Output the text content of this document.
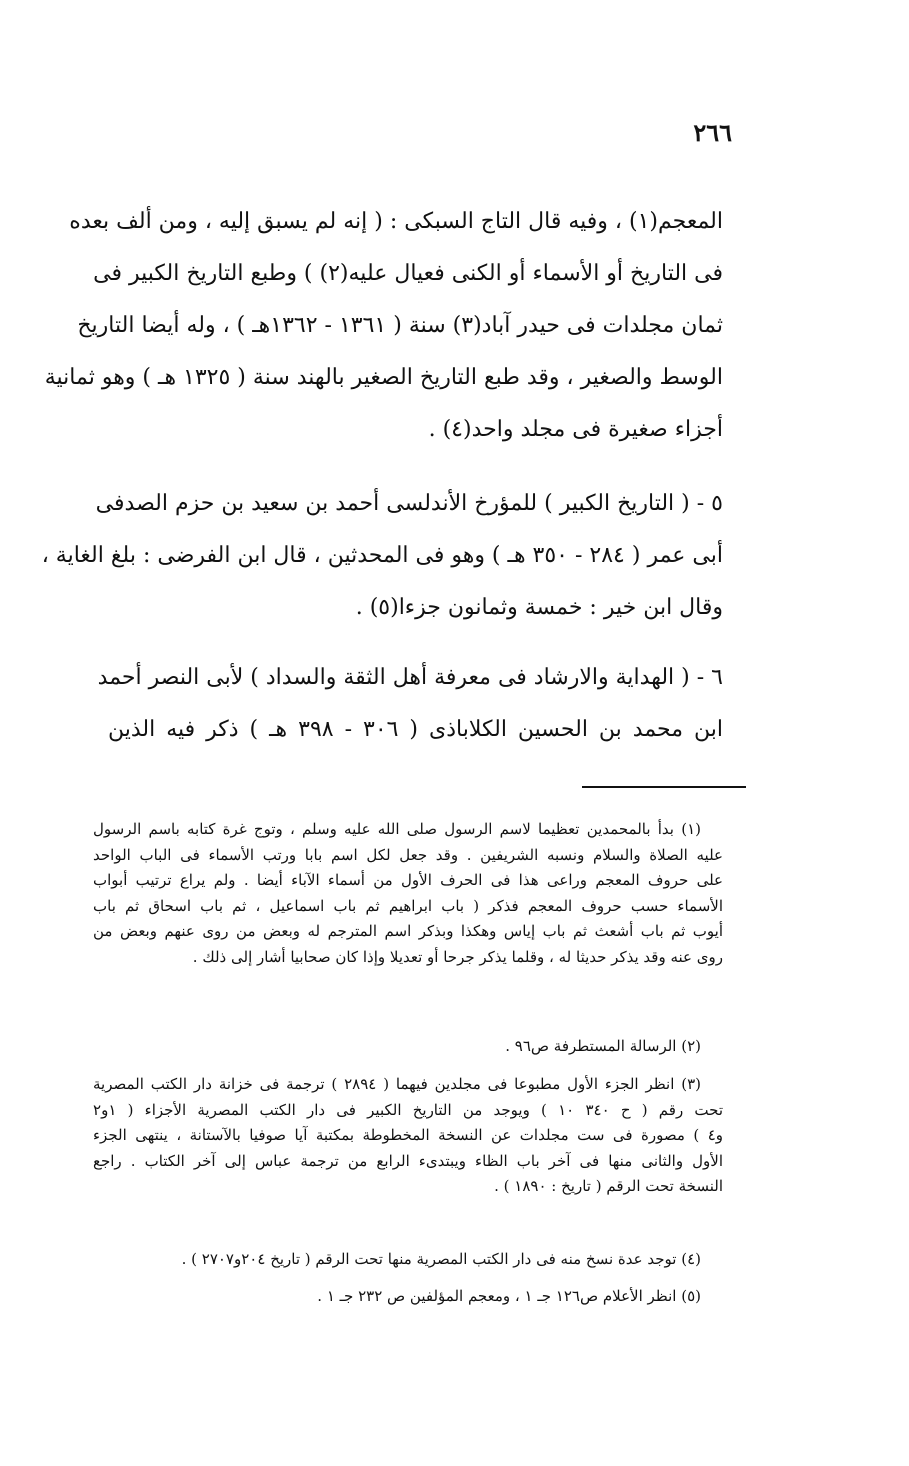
٢٦٦
المعجم(١) ، وفيه قال التاج السبكى : ( إنه لم يسبق إليه ، ومن ألف بعده
فى التاريخ أو الأسماء أو الكنى فعيال عليه(٢) ) وطبع التاريخ الكبير فى
ثمان مجلدات فى حيدر آباد(٣) سنة ( ١٣٦١ - ١٣٦٢هـ ) ، وله أيضا التاريخ
الوسط والصغير ، وقد طبع التاريخ الصغير بالهند سنة ( ١٣٢٥ هـ ) وهو ثمانية
أجزاء صغيرة فى مجلد واحد(٤) .
٥ - ( التاريخ الكبير ) للمؤرخ الأندلسى أحمد بن سعيد بن حزم الصدفى
أبى عمر ( ٢٨٤ - ٣٥٠ هـ ) وهو فى المحدثين ، قال ابن الفرضى : بلغ الغاية ،
وقال ابن خير : خمسة وثمانون جزءا(٥) .
٦ - ( الهداية والارشاد فى معرفة أهل الثقة والسداد ) لأبى النصر أحمد
ابن محمد بن الحسين الكلاباذى ( ٣٠٦ - ٣٩٨ هـ ) ذكر فيه الذين
(١) بدأ بالمحمدين تعظيما لاسم الرسول صلى الله عليه وسلم ، وتوج غرة كتابه باسم الرسول
عليه الصلاة والسلام ونسبه الشريفين . وقد جعل لكل اسم بابا ورتب الأسماء فى الباب الواحد
على حروف المعجم وراعى هذا فى الحرف الأول من أسماء الآباء أيضا . ولم يراع ترتيب أبواب
الأسماء حسب حروف المعجم فذكر ( باب ابراهيم ثم باب اسماعيل ، ثم باب اسحاق ثم باب
أيوب ثم باب أشعث ثم باب إياس وهكذا وبذكر اسم المترجم له وبعض من روى عنهم وبعض من
روى عنه وقد يذكر حديثا له ، وقلما يذكر جرحا أو تعديلا وإذا كان صحابيا أشار إلى ذلك .
(٢) الرسالة المستطرفة ص٩٦ .
(٣) انظر الجزء الأول مطبوعا فى مجلدين فيهما ( ٢٨٩٤ ) ترجمة فى خزانة دار الكتب المصرية
تحت رقم ( ح ٣٤٠ ١٠ ) ويوجد من التاريخ الكبير فى دار الكتب المصرية الأجزاء ( ١و٢
و٤ ) مصورة فى ست مجلدات عن النسخة المخطوطة بمكتبة آيا صوفيا بالآستانة ، ينتهى الجزء
الأول والثانى منها فى آخر باب الظاء ويبتدىء الرابع من ترجمة عباس إلى آخر الكتاب . راجع
النسخة تحت الرقم ( تاريخ : ١٨٩٠ ) .
(٤) توجد عدة نسخ منه فى دار الكتب المصرية منها تحت الرقم ( تاريخ ٢٠٤و٢٧٠٧ ) .
(٥) انظر الأعلام ص١٢٦ جـ ١ ، ومعجم المؤلفين ص ٢٣٢ جـ ١ .
